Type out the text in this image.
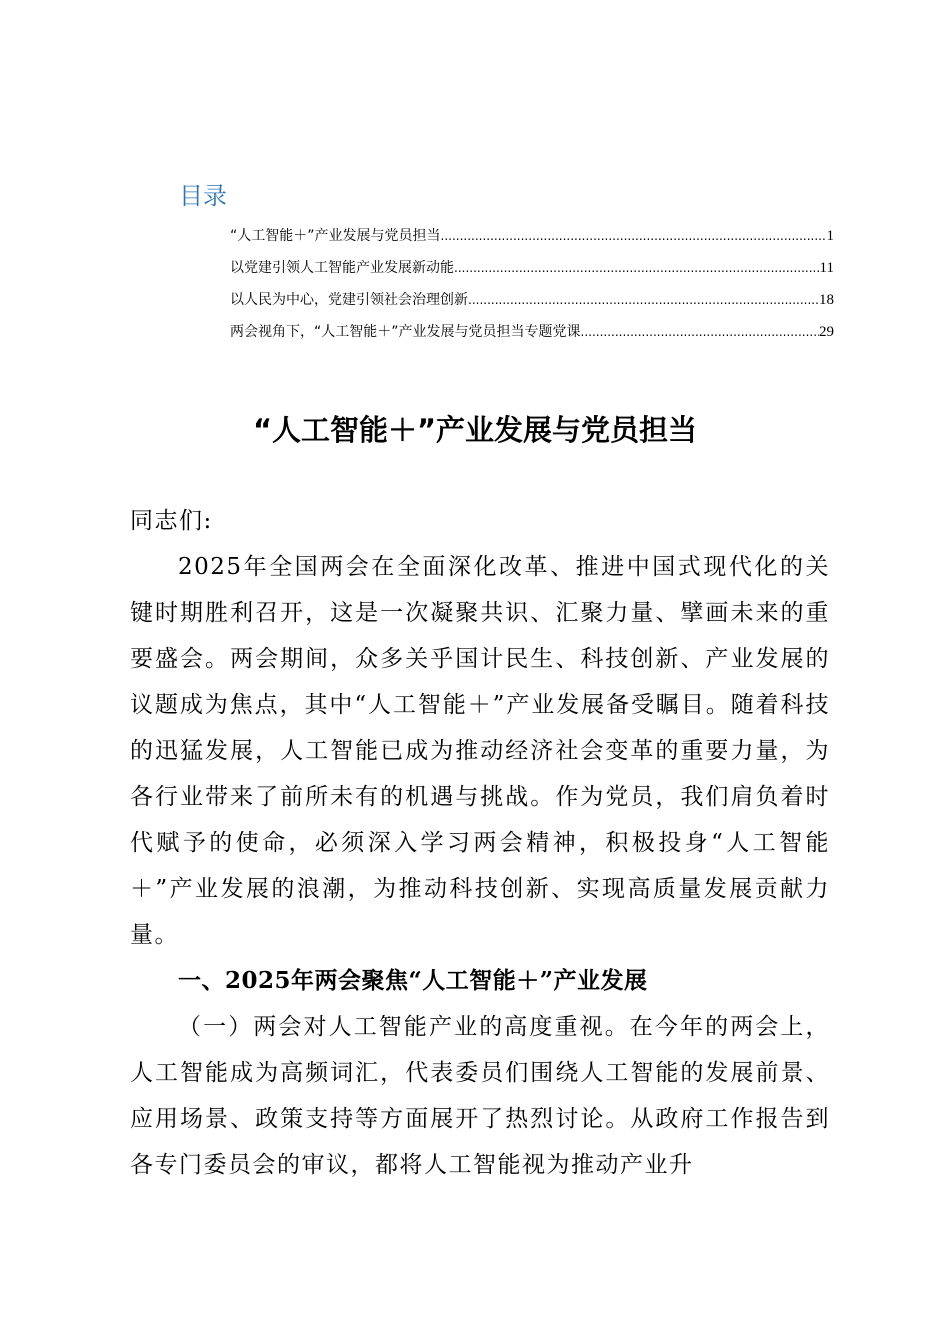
目录
“人工智能＋”产业发展与党员担当 .....	1
以党建引领人工智能产业发展新动能 .....	11
以人民为中心，党建引领社会治理创新 .....	18
两会视角下，“人工智能＋”产业发展与党员担当专题党课 .....	29
“人工智能＋”产业发展与党员担当

同志们:

2025年全国两会在全面深化改革、推进中国式现代化的关键时期胜利召开，这是一次凝聚共识、汇聚力量、擘画未来的重要盛会。两会期间，众多关乎国计民生、科技创新、产业发展的议题成为焦点，其中“人工智能＋”产业发展备受瞩目。随着科技的迅猛发展，人工智能已成为推动经济社会变革的重要力量，为各行业带来了前所未有的机遇与挑战。作为党员，我们肩负着时代赋予的使命，必须深入学习两会精神，积极投身“人工智能＋”产业发展的浪潮，为推动科技创新、实现高质量发展贡献力量。

一、2025年两会聚焦“人工智能＋”产业发展

（一）两会对人工智能产业的高度重视。在今年的两会上，人工智能成为高频词汇，代表委员们围绕人工智能的发展前景、应用场景、政策支持等方面展开了热烈讨论。从政府工作报告到各专门委员会的审议，都将人工智能视为推动产业升
